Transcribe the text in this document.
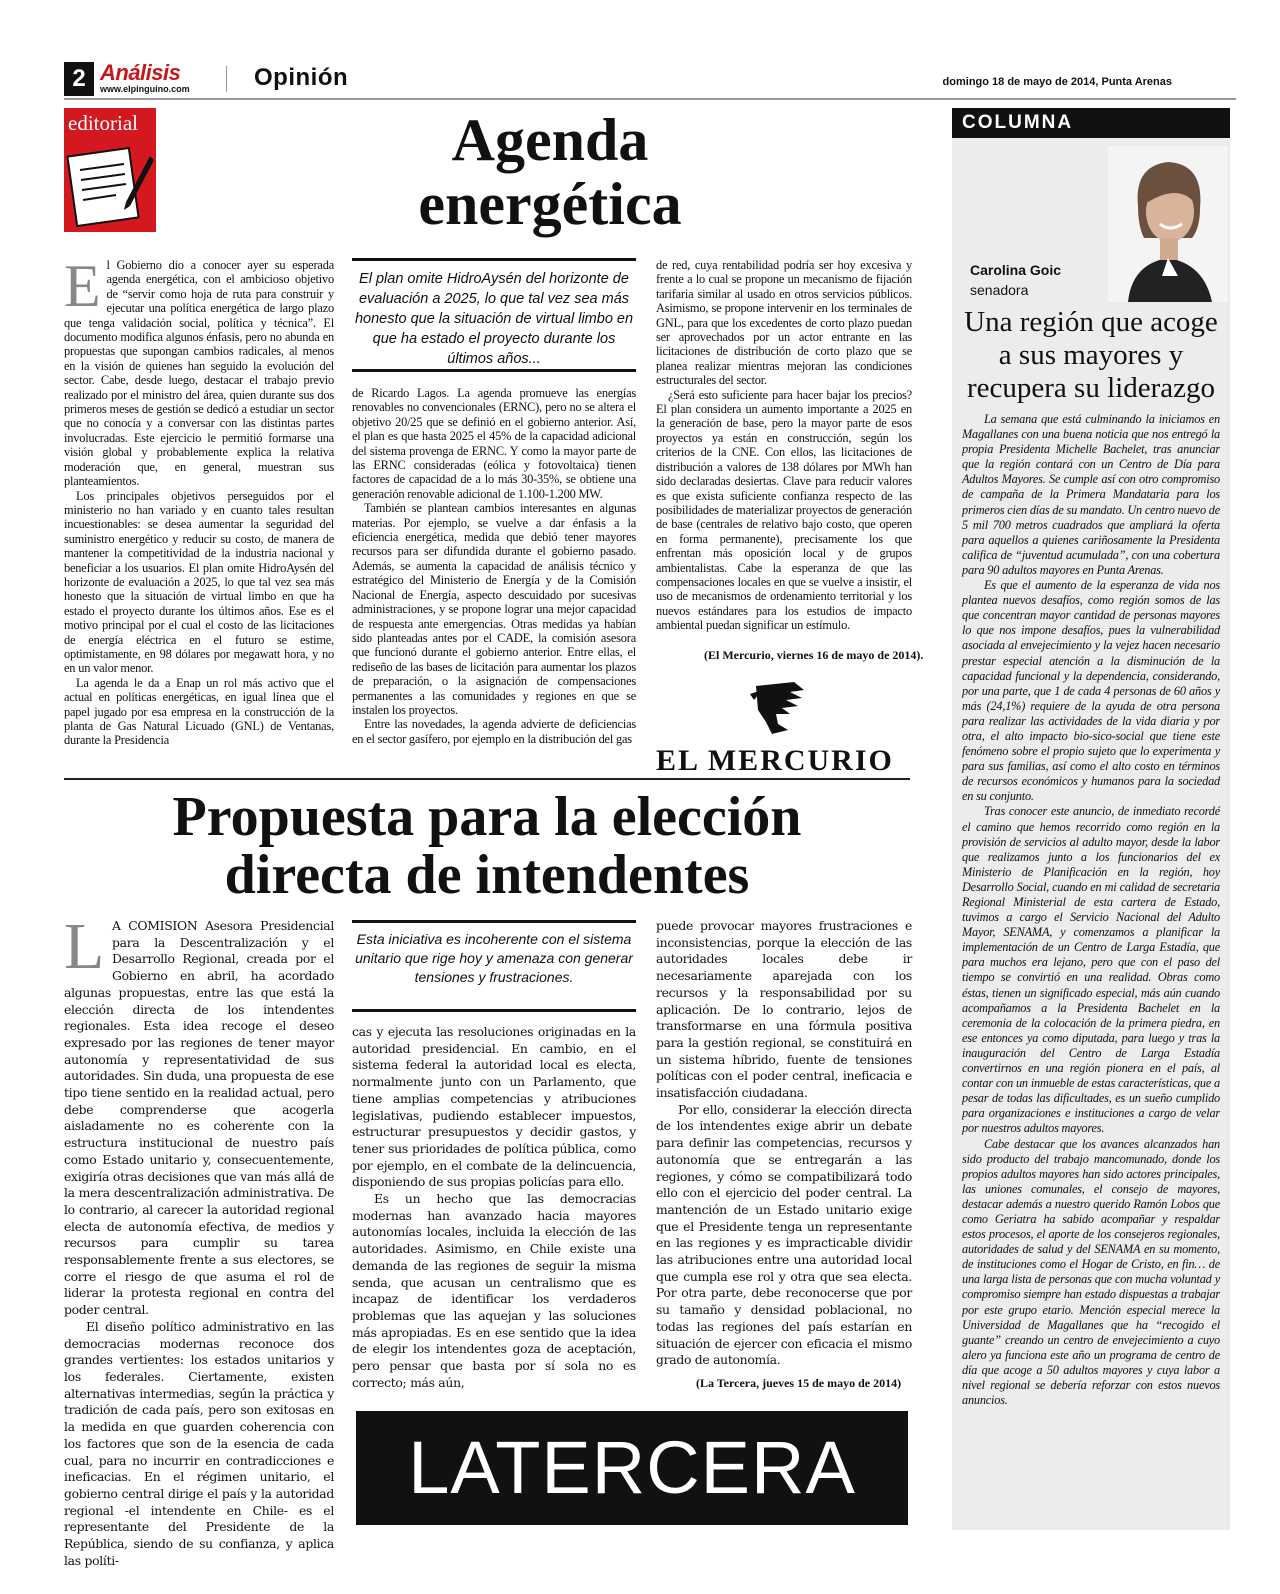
2 Análisis
www.elpinguino.com	Opinión	domingo 18 de mayo de 2014, Punta Arenas
editorial	Agenda
energética

El Gobierno dio a conocer ayer su esperada agenda energética, con el ambicioso objetivo de “servir como hoja de ruta para construir y ejecutar una política energética de largo plazo que tenga validación social, política y técnica”. El documento modifica algunos énfasis, pero no abunda en propuestas que supongan cambios radicales, al menos en la visión de quienes han seguido la evolución del sector. Cabe, desde luego, destacar el trabajo previo realizado por el ministro del área, quien durante sus dos primeros meses de gestión se dedicó a estudiar un sector que no conocía y a conversar con las distintas partes involucradas. Este ejercicio le permitió formarse una visión global y probablemente explica la relativa moderación que, en general, muestran sus planteamientos.

Los principales objetivos perseguidos por el ministerio no han variado y en cuanto tales resultan incuestionables: se desea aumentar la seguridad del suministro energético y reducir su costo, de manera de mantener la competitividad de la industria nacional y beneficiar a los usuarios. El plan omite HidroAysén del horizonte de evaluación a 2025, lo que tal vez sea más honesto que la situación de virtual limbo en que ha estado el proyecto durante los últimos años. Ese es el motivo principal por el cual el costo de las licitaciones de energía eléctrica en el futuro se estime, optimistamente, en 98 dólares por megawatt hora, y no en un valor menor.

La agenda le da a Enap un rol más activo que el actual en políticas energéticas, en igual línea que el papel jugado por esa empresa en la construcción de la planta de Gas Natural Licuado (GNL) de Ventanas, durante la Presidencia

El plan omite HidroAysén del horizonte de evaluación a 2025, lo que tal vez sea más honesto que la situación de virtual limbo en que ha estado el proyecto durante los últimos años...

de Ricardo Lagos. La agenda promueve las energías renovables no convencionales (ERNC), pero no se altera el objetivo 20/25 que se definió en el gobierno anterior. Así, el plan es que hasta 2025 el 45% de la capacidad adicional del sistema provenga de ERNC. Y como la mayor parte de las ERNC consideradas (eólica y fotovoltaica) tienen factores de capacidad de a lo más 30-35%, se obtiene una generación renovable adicional de 1.100-1.200 MW.

También se plantean cambios interesantes en algunas materias. Por ejemplo, se vuelve a dar énfasis a la eficiencia energética, medida que debió tener mayores recursos para ser difundida durante el gobierno pasado. Además, se aumenta la capacidad de análisis técnico y estratégico del Ministerio de Energía y de la Comisión Nacional de Energía, aspecto descuidado por sucesivas administraciones, y se propone lograr una mejor capacidad de respuesta ante emergencias. Otras medidas ya habían sido planteadas antes por el CADE, la comisión asesora que funcionó durante el gobierno anterior. Entre ellas, el rediseño de las bases de licitación para aumentar los plazos de preparación, o la asignación de compensaciones permanentes a las comunidades y regiones en que se instalen los proyectos.

Entre las novedades, la agenda advierte de deficiencias en el sector gasífero, por ejemplo en la distribución del gas

de red, cuya rentabilidad podría ser hoy excesiva y frente a lo cual se propone un mecanismo de fijación tarifaria similar al usado en otros servicios públicos. Asimismo, se propone intervenir en los terminales de GNL, para que los excedentes de corto plazo puedan ser aprovechados por un actor entrante en las licitaciones de distribución de corto plazo que se planea realizar mientras mejoran las condiciones estructurales del sector.

¿Será esto suficiente para hacer bajar los precios? El plan considera un aumento importante a 2025 en la generación de base, pero la mayor parte de esos proyectos ya están en construcción, según los criterios de la CNE. Con ellos, las licitaciones de distribución a valores de 138 dólares por MWh han sido declaradas desiertas. Clave para reducir valores es que exista suficiente confianza respecto de las posibilidades de materializar proyectos de generación de base (centrales de relativo bajo costo, que operen en forma permanente), precisamente los que enfrentan más oposición local y de grupos ambientalistas. Cabe la esperanza de que las compensaciones locales en que se vuelve a insistir, el uso de mecanismos de ordenamiento territorial y los nuevos estándares para los estudios de impacto ambiental puedan significar un estímulo.

(El Mercurio, viernes 16 de mayo de 2014).
EL MERCURIO
Propuesta para la elección
directa de intendentes

L A COMISION Asesora Presidencial para la Descentralización y el Desarrollo Regional, creada por el Gobierno en abril, ha acordado algunas propuestas, entre las que está la elección directa de los intendentes regionales. Esta idea recoge el deseo expresado por las regiones de tener mayor autonomía y representatividad de sus autoridades. Sin duda, una propuesta de ese tipo tiene sentido en la realidad actual, pero debe comprenderse que acogerla aisladamente no es coherente con la estructura institucional de nuestro país como Estado unitario y, consecuentemente, exigiría otras decisiones que van más allá de la mera descentralización administrativa. De lo contrario, al carecer la autoridad regional electa de autonomía efectiva, de medios y recursos para cumplir su tarea responsablemente frente a sus electores, se corre el riesgo de que asuma el rol de liderar la protesta regional en contra del poder central.

El diseño político administrativo en las democracias modernas reconoce dos grandes vertientes: los estados unitarios y los federales. Ciertamente, existen alternativas intermedias, según la práctica y tradición de cada país, pero son exitosas en la medida en que guarden coherencia con los factores que son de la esencia de cada cual, para no incurrir en contradicciones e ineficacias. En el régimen unitario, el gobierno central dirige el país y la autoridad regional -el intendente en Chile- es el representante del Presidente de la República, siendo de su confianza, y aplica las políti-

Esta iniciativa es incoherente con el sistema unitario que rige hoy y amenaza con generar tensiones y frustraciones.

cas y ejecuta las resoluciones originadas en la autoridad presidencial. En cambio, en el sistema federal la autoridad local es electa, normalmente junto con un Parlamento, que tiene amplias competencias y atribuciones legislativas, pudiendo establecer impuestos, estructurar presupuestos y decidir gastos, y tener sus prioridades de política pública, como por ejemplo, en el combate de la delincuencia, disponiendo de sus propias policías para ello.

Es un hecho que las democracias modernas han avanzado hacia mayores autonomías locales, incluida la elección de las autoridades. Asimismo, en Chile existe una demanda de las regiones de seguir la misma senda, que acusan un centralismo que es incapaz de identificar los verdaderos problemas que las aquejan y las soluciones más apropiadas. Es en ese sentido que la idea de elegir los intendentes goza de aceptación, pero pensar que basta por sí sola no es correcto; más aún,

puede provocar mayores frustraciones e inconsistencias, porque la elección de las autoridades locales debe ir necesariamente aparejada con los recursos y la responsabilidad por su aplicación. De lo contrario, lejos de transformarse en una fórmula positiva para la gestión regional, se constituirá en un sistema híbrido, fuente de tensiones políticas con el poder central, ineficacia e insatisfacción ciudadana.

Por ello, considerar la elección directa de los intendentes exige abrir un debate para definir las competencias, recursos y autonomía que se entregarán a las regiones, y cómo se compatibilizará todo ello con el ejercicio del poder central. La mantención de un Estado unitario exige que el Presidente tenga un representante en las regiones y es impracticable dividir las atribuciones entre una autoridad local que cumpla ese rol y otra que sea electa. Por otra parte, debe reconocerse que por su tamaño y densidad poblacional, no todas las regiones del país estarían en situación de ejercer con eficacia el mismo grado de autonomía.

(La Tercera, jueves 15 de mayo de 2014)
LATERCERA
COLUMNA
Carolina Goic
senadora
Una región que acoge a sus mayores y recupera su liderazgo

La semana que está culminando la iniciamos en Magallanes con una buena noticia que nos entregó la propia Presidenta Michelle Bachelet, tras anunciar que la región contará con un Centro de Día para Adultos Mayores. Se cumple así con otro compromiso de campaña de la Primera Mandataria para los primeros cien días de su mandato. Un centro nuevo de 5 mil 700 metros cuadrados que ampliará la oferta para aquellos a quienes cariñosamente la Presidenta califica de “juventud acumulada”, con una cobertura para 90 adultos mayores en Punta Arenas.

Es que el aumento de la esperanza de vida nos plantea nuevos desafíos, como región somos de las que concentran mayor cantidad de personas mayores lo que nos impone desafíos, pues la vulnerabilidad asociada al envejecimiento y la vejez hacen necesario prestar especial atención a la disminución de la capacidad funcional y la dependencia, considerando, por una parte, que 1 de cada 4 personas de 60 años y más (24,1%) requiere de la ayuda de otra persona para realizar las actividades de la vida diaria y por otra, el alto impacto bio-sico-social que tiene este fenómeno sobre el propio sujeto que lo experimenta y para sus familias, así como el alto costo en términos de recursos económicos y humanos para la sociedad en su conjunto.

Tras conocer este anuncio, de inmediato recordé el camino que hemos recorrido como región en la provisión de servicios al adulto mayor, desde la labor que realizamos junto a los funcionarios del ex Ministerio de Planificación en la región, hoy Desarrollo Social, cuando en mi calidad de secretaria Regional Ministerial de esta cartera de Estado, tuvimos a cargo el Servicio Nacional del Adulto Mayor, SENAMA, y comenzamos a planificar la implementación de un Centro de Larga Estadía, que para muchos era lejano, pero que con el paso del tiempo se convirtió en una realidad. Obras como éstas, tienen un significado especial, más aún cuando acompañamos a la Presidenta Bachelet en la ceremonia de la colocación de la primera piedra, en ese entonces ya como diputada, para luego y tras la inauguración del Centro de Larga Estadía convertirnos en una región pionera en el país, al contar con un inmueble de estas características, que a pesar de todas las dificultades, es un sueño cumplido para organizaciones e instituciones a cargo de velar por nuestros adultos mayores.

Cabe destacar que los avances alcanzados han sido producto del trabajo mancomunado, donde los propios adultos mayores han sido actores principales, las uniones comunales, el consejo de mayores, destacar además a nuestro querido Ramón Lobos que como Geriatra ha sabido acompañar y respaldar estos procesos, el aporte de los consejeros regionales, autoridades de salud y del SENAMA en su momento, de instituciones como el Hogar de Cristo, en fin… de una larga lista de personas que con mucha voluntad y compromiso siempre han estado dispuestas a trabajar por este grupo etario. Mención especial merece la Universidad de Magallanes que ha “recogido el guante” creando un centro de envejecimiento a cuyo alero ya funciona este año un programa de centro de día que acoge a 50 adultos mayores y cuya labor a nivel regional se debería reforzar con estos nuevos anuncios.
